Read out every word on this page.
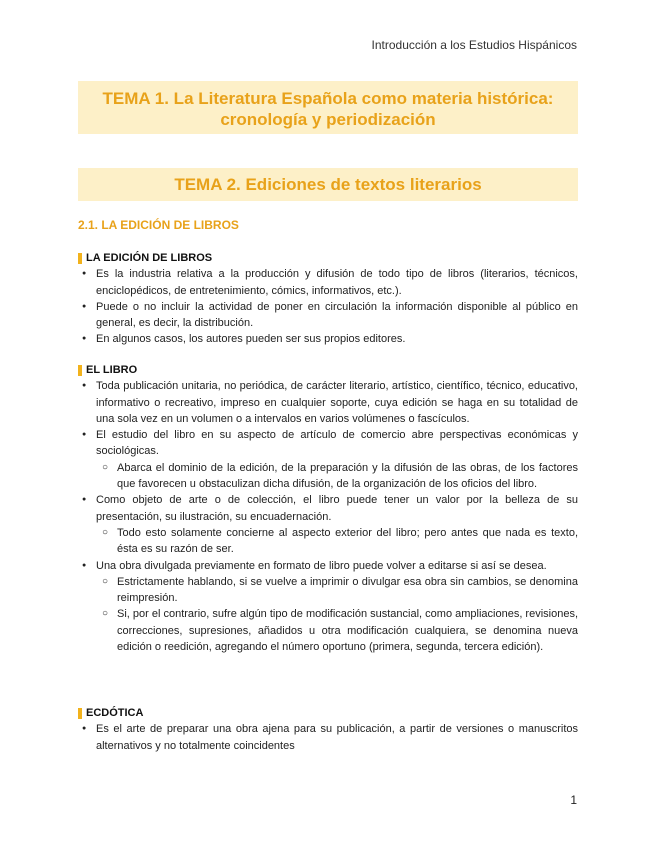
Introducción a los Estudios Hispánicos
TEMA 1. La Literatura Española como materia histórica:
cronología y periodización
TEMA 2. Ediciones de textos literarios
2.1. LA EDICIÓN DE LIBROS
LA EDICIÓN DE LIBROS
● Es la industria relativa a la producción y difusión de todo tipo de libros (literarios, técnicos, enciclopédicos, de entretenimiento, cómics, informativos, etc.).
● Puede o no incluir la actividad de poner en circulación la información disponible al público en general, es decir, la distribución.
● En algunos casos, los autores pueden ser sus propios editores.
EL LIBRO
● Toda publicación unitaria, no periódica, de carácter literario, artístico, científico, técnico, educativo, informativo o recreativo, impreso en cualquier soporte, cuya edición se haga en su totalidad de una sola vez en un volumen o a intervalos en varios volúmenes o fascículos.
● El estudio del libro en su aspecto de artículo de comercio abre perspectivas económicas y sociológicas.
○ Abarca el dominio de la edición, de la preparación y la difusión de las obras, de los factores que favorecen u obstaculizan dicha difusión, de la organización de los oficios del libro.
● Como objeto de arte o de colección, el libro puede tener un valor por la belleza de su presentación, su ilustración, su encuadernación.
○ Todo esto solamente concierne al aspecto exterior del libro; pero antes que nada es texto, ésta es su razón de ser.
● Una obra divulgada previamente en formato de libro puede volver a editarse si así se desea.
○ Estrictamente hablando, si se vuelve a imprimir o divulgar esa obra sin cambios, se denomina reimpresión.
○ Si, por el contrario, sufre algún tipo de modificación sustancial, como ampliaciones, revisiones, correcciones, supresiones, añadidos u otra modificación cualquiera, se denomina nueva edición o reedición, agregando el número oportuno (primera, segunda, tercera edición).
ECDÓTICA
● Es el arte de preparar una obra ajena para su publicación, a partir de versiones o manuscritos alternativos y no totalmente coincidentes
1
